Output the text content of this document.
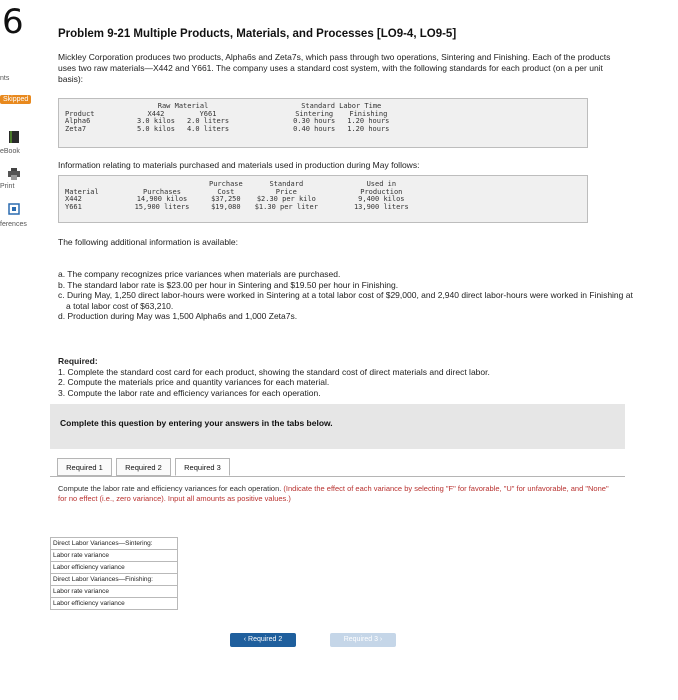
6
nts
Skipped
eBook
Print
ferences
Problem 9-21 Multiple Products, Materials, and Processes [LO9-4, LO9-5]
Mickley Corporation produces two products, Alpha6s and Zeta7s, which pass through two operations, Sintering and Finishing. Each of the products uses two raw materials—X442 and Y661. The company uses a standard cost system, with the following standards for each product (on a per unit basis):
	Raw Material			Standard Labor Time	
Product	X442	Y661		Sintering	Finishing
Alpha6	3.0 kilos	2.0 liters		0.30 hours	1.20 hours
Zeta7	5.0 kilos	4.0 liters		0.40 hours	1.20 hours
Information relating to materials purchased and materials used in production during May follows:
		Purchase	Standard	Used in
Material	Purchases	Cost	Price	Production
X442	14,900 kilos	$37,250	$2.30 per kilo	9,400 kilos
Y661	15,900 liters	$19,080	$1.30 per liter	13,900 liters
The following additional information is available:
a. The company recognizes price variances when materials are purchased.
b. The standard labor rate is $23.00 per hour in Sintering and $19.50 per hour in Finishing.
c. During May, 1,250 direct labor-hours were worked in Sintering at a total labor cost of $29,000, and 2,940 direct labor-hours were worked in Finishing at a total labor cost of $63,210.
d. Production during May was 1,500 Alpha6s and 1,000 Zeta7s.
Required:
1. Complete the standard cost card for each product, showing the standard cost of direct materials and direct labor.
2. Compute the materials price and quantity variances for each material.
3. Compute the labor rate and efficiency variances for each operation.
Complete this question by entering your answers in the tabs below.
Required 1	Required 2	Required 3
Compute the labor rate and efficiency variances for each operation. (Indicate the effect of each variance by selecting "F" for favorable, "U" for unfavorable, and "None" for no effect (i.e., zero variance). Input all amounts as positive values.)
Direct Labor Variances—Sintering:
Labor rate variance
Labor efficiency variance
Direct Labor Variances—Finishing:
Labor rate variance
Labor efficiency variance
‹ Required 2	Required 3 ›
